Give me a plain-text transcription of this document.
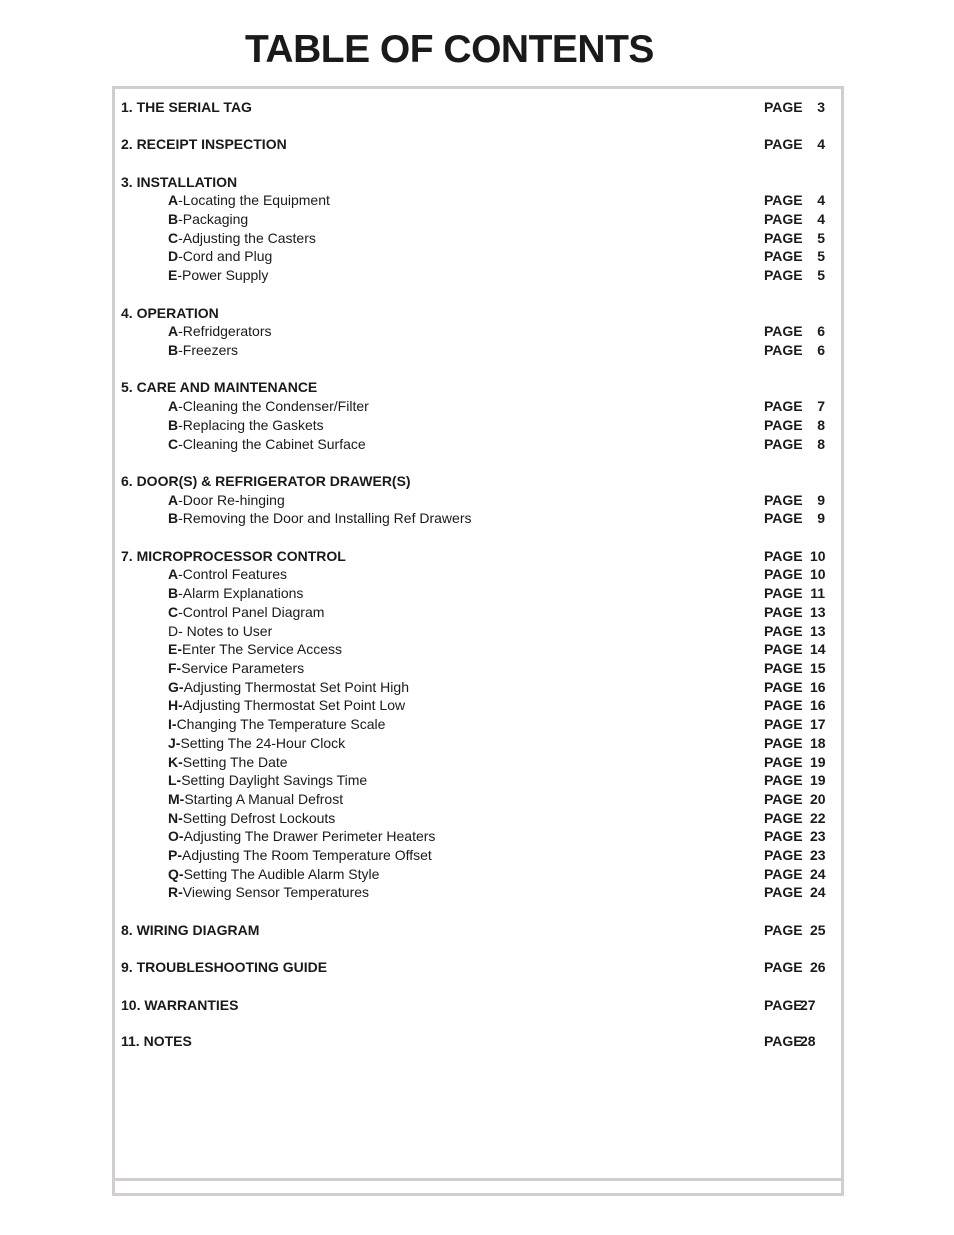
TABLE OF CONTENTS
1. THE SERIAL TAG	PAGE 3
2. RECEIPT INSPECTION	PAGE 4
3. INSTALLATION
A-Locating the Equipment	PAGE 4
B-Packaging	PAGE 4
C-Adjusting the Casters	PAGE 5
D-Cord and Plug	PAGE 5
E-Power Supply	PAGE 5
4. OPERATION
A-Refridgerators	PAGE 6
B-Freezers	PAGE 6
5. CARE AND MAINTENANCE
A-Cleaning the Condenser/Filter	PAGE 7
B-Replacing the Gaskets	PAGE 8
C-Cleaning the Cabinet Surface	PAGE 8
6. DOOR(S) & REFRIGERATOR DRAWER(S)
A-Door Re-hinging	PAGE 9
B-Removing the Door and Installing Ref Drawers	PAGE 9
7. MICROPROCESSOR CONTROL	PAGE 10
A-Control Features	PAGE 10
B-Alarm Explanations	PAGE 11
C-Control Panel Diagram	PAGE 13
D- Notes to User	PAGE 13
E-Enter The Service Access	PAGE 14
F-Service Parameters	PAGE 15
G-Adjusting Thermostat Set Point High	PAGE 16
H-Adjusting Thermostat Set Point Low	PAGE 16
I-Changing The Temperature Scale	PAGE 17
J-Setting The 24-Hour Clock	PAGE 18
K-Setting The Date	PAGE 19
L-Setting Daylight Savings Time	PAGE 19
M-Starting A Manual Defrost	PAGE 20
N-Setting Defrost Lockouts	PAGE 22
O-Adjusting The Drawer Perimeter Heaters	PAGE 23
P-Adjusting The Room Temperature Offset	PAGE 23
Q-Setting The Audible Alarm Style	PAGE 24
R-Viewing Sensor Temperatures	PAGE 24
8. WIRING DIAGRAM	PAGE 25
9. TROUBLESHOOTING GUIDE	PAGE 26
10. WARRANTIES	PAGE27
11. NOTES	PAGE28
